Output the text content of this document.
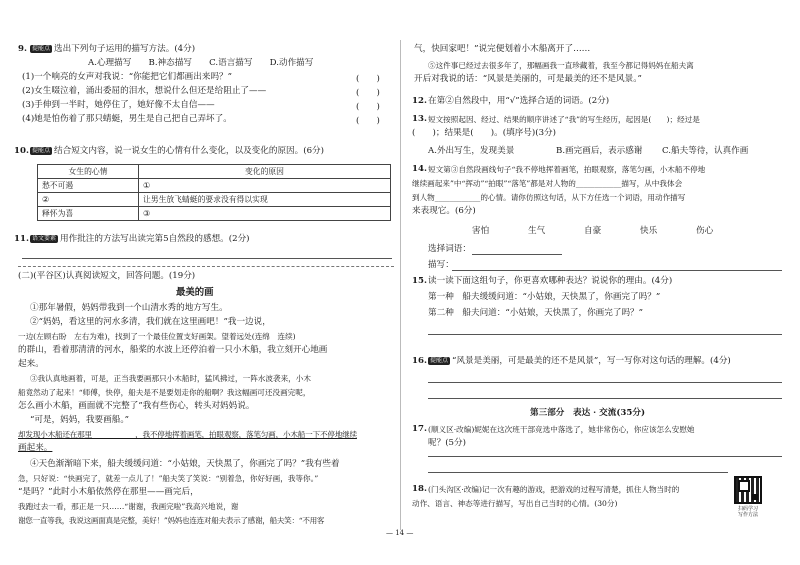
9. 提能点 选出下列句子运用的描写方法。(4分)
A.心理描写　　B.神态描写　　C.语言描写　　D.动作描写
(1)一个响亮的女声对我说：“你能把它们都画出来吗？”
(2)女生啜泣着，涌出委屈的泪水，想说什么但还是给阻止了——
(3)手伸到一半时，她停住了，她好像不太自信——
(4)她是怕伤着了那只蜻蜓，男生是自己把自己弄坏了。
(　　)
(　　)
(　　)
(　　)
10. 提能点 结合短文内容，说一说女生的心情有什么变化，以及变化的原因。(6分)
女生的心情	变化的原因
愁不可遏	①
②	让男生放飞蜻蜓的要求没有得以实现
释怀为喜	③
11. 语文要素 用作批注的方法写出读完第5自然段的感想。(2分)
(二)(平谷区)认真阅读短文，回答问题。(19分)
最美的画
①那年暑假，妈妈带我到一个山清水秀的地方写生。
②“妈妈，看这里的河水多清，我们就在这里画吧！”我一边说，
一边(左顾右盼　左右为难)，找到了一个最佳位置支好画架。望着远处(连绵　连续)
的群山，看着那清清的河水，船桨的水波上还停泊着一只小木船，我立刻开心地画
起来。
③我认真地画着，可是，正当我要画那只小木船时，猛风拂过，一阵水波袭来，小木
船竟然动了起来！“师傅，快停，船夫是不是要划走你的船啊？我这幅画可还没画完呢，
怎么画小木船，画面就不完整了”我有些伤心，转头对妈妈说。
“可是，妈妈，我要画船。”
却发现小木船还在那里____________，我不停地挥着画笔，拍眼观察，落笔匀画，小木船一下不停地继续
画起来。
④天色渐渐暗下来，船夫缓缓问道：“小姑娘，天快黑了，你画完了吗？”我有些着
急，只好说：“快画完了，就差一点儿了！”船夫笑了笑说：“别着急，你好好画，我等你。”
“是吗？”此时小木船依然停在那里——画完后，
我跑过去一看，那正是一只……“谢谢，我画完啦”我高兴地说，谢
谢您一直等我，我说这画面真是完整，美好！”妈妈也连连对船夫表示了感谢，船夫笑：“不用客
气，快回家吧！”说完便划着小木船离开了……
⑤这件事已经过去很多年了，那幅画我一直珍藏着，我至今都记得妈妈在船夫离
开后对我说的话：“风景是美丽的，可是最美的还不是风景。”
12. 在第②自然段中，用“√”选择合适的词语。(2分)
13. 短文按照起因、经过、结果的顺序讲述了“我”的写生经历，起因是(　　)；经过是
(　　)；结果是(　　)。(填序号)(3分)
A.外出写生，发现美景	B.画完画后，表示感谢 C.船夫等待，认真作画
14. 短文第③自然段画线句子“我不停地挥着画笔，拍眼观察，落笔匀画，小木船不停地
继续画起来”中“挥动”“拍眼”“落笔”都是对人物的____________描写，从中我体会
到人物____________的心情。请你仿照这句话，从下方任选一个词语，用动作描写
来表现它。(6分)
害怕	生气	自豪	快乐	伤心
选择词语：
描写：
15. 读一读下面这组句子，你更喜欢哪种表达？说说你的理由。(4分)
第一种　船夫缓缓问道：“小姑娘，天快黑了，你画完了吗？”
第二种　船夫问道：“小姑娘，天快黑了，你画完了吗？”
16. 提能点 “风景是美丽，可是最美的还不是风景”，写一写你对这句话的理解。(4分)
第三部分　表达 · 交流(35分)
17. (顺义区·改编)妮妮在这次班干部竞选中落选了，她非常伤心，你应该怎么安慰她
呢？(5分)
18. (门头沟区·改编)记一次有趣的游戏，把游戏的过程写清楚，抓住人物当时的
动作、语言、神态等进行描写，写出自己当时的心情。(30分)
扫码学习
写作方法
— 14 —
